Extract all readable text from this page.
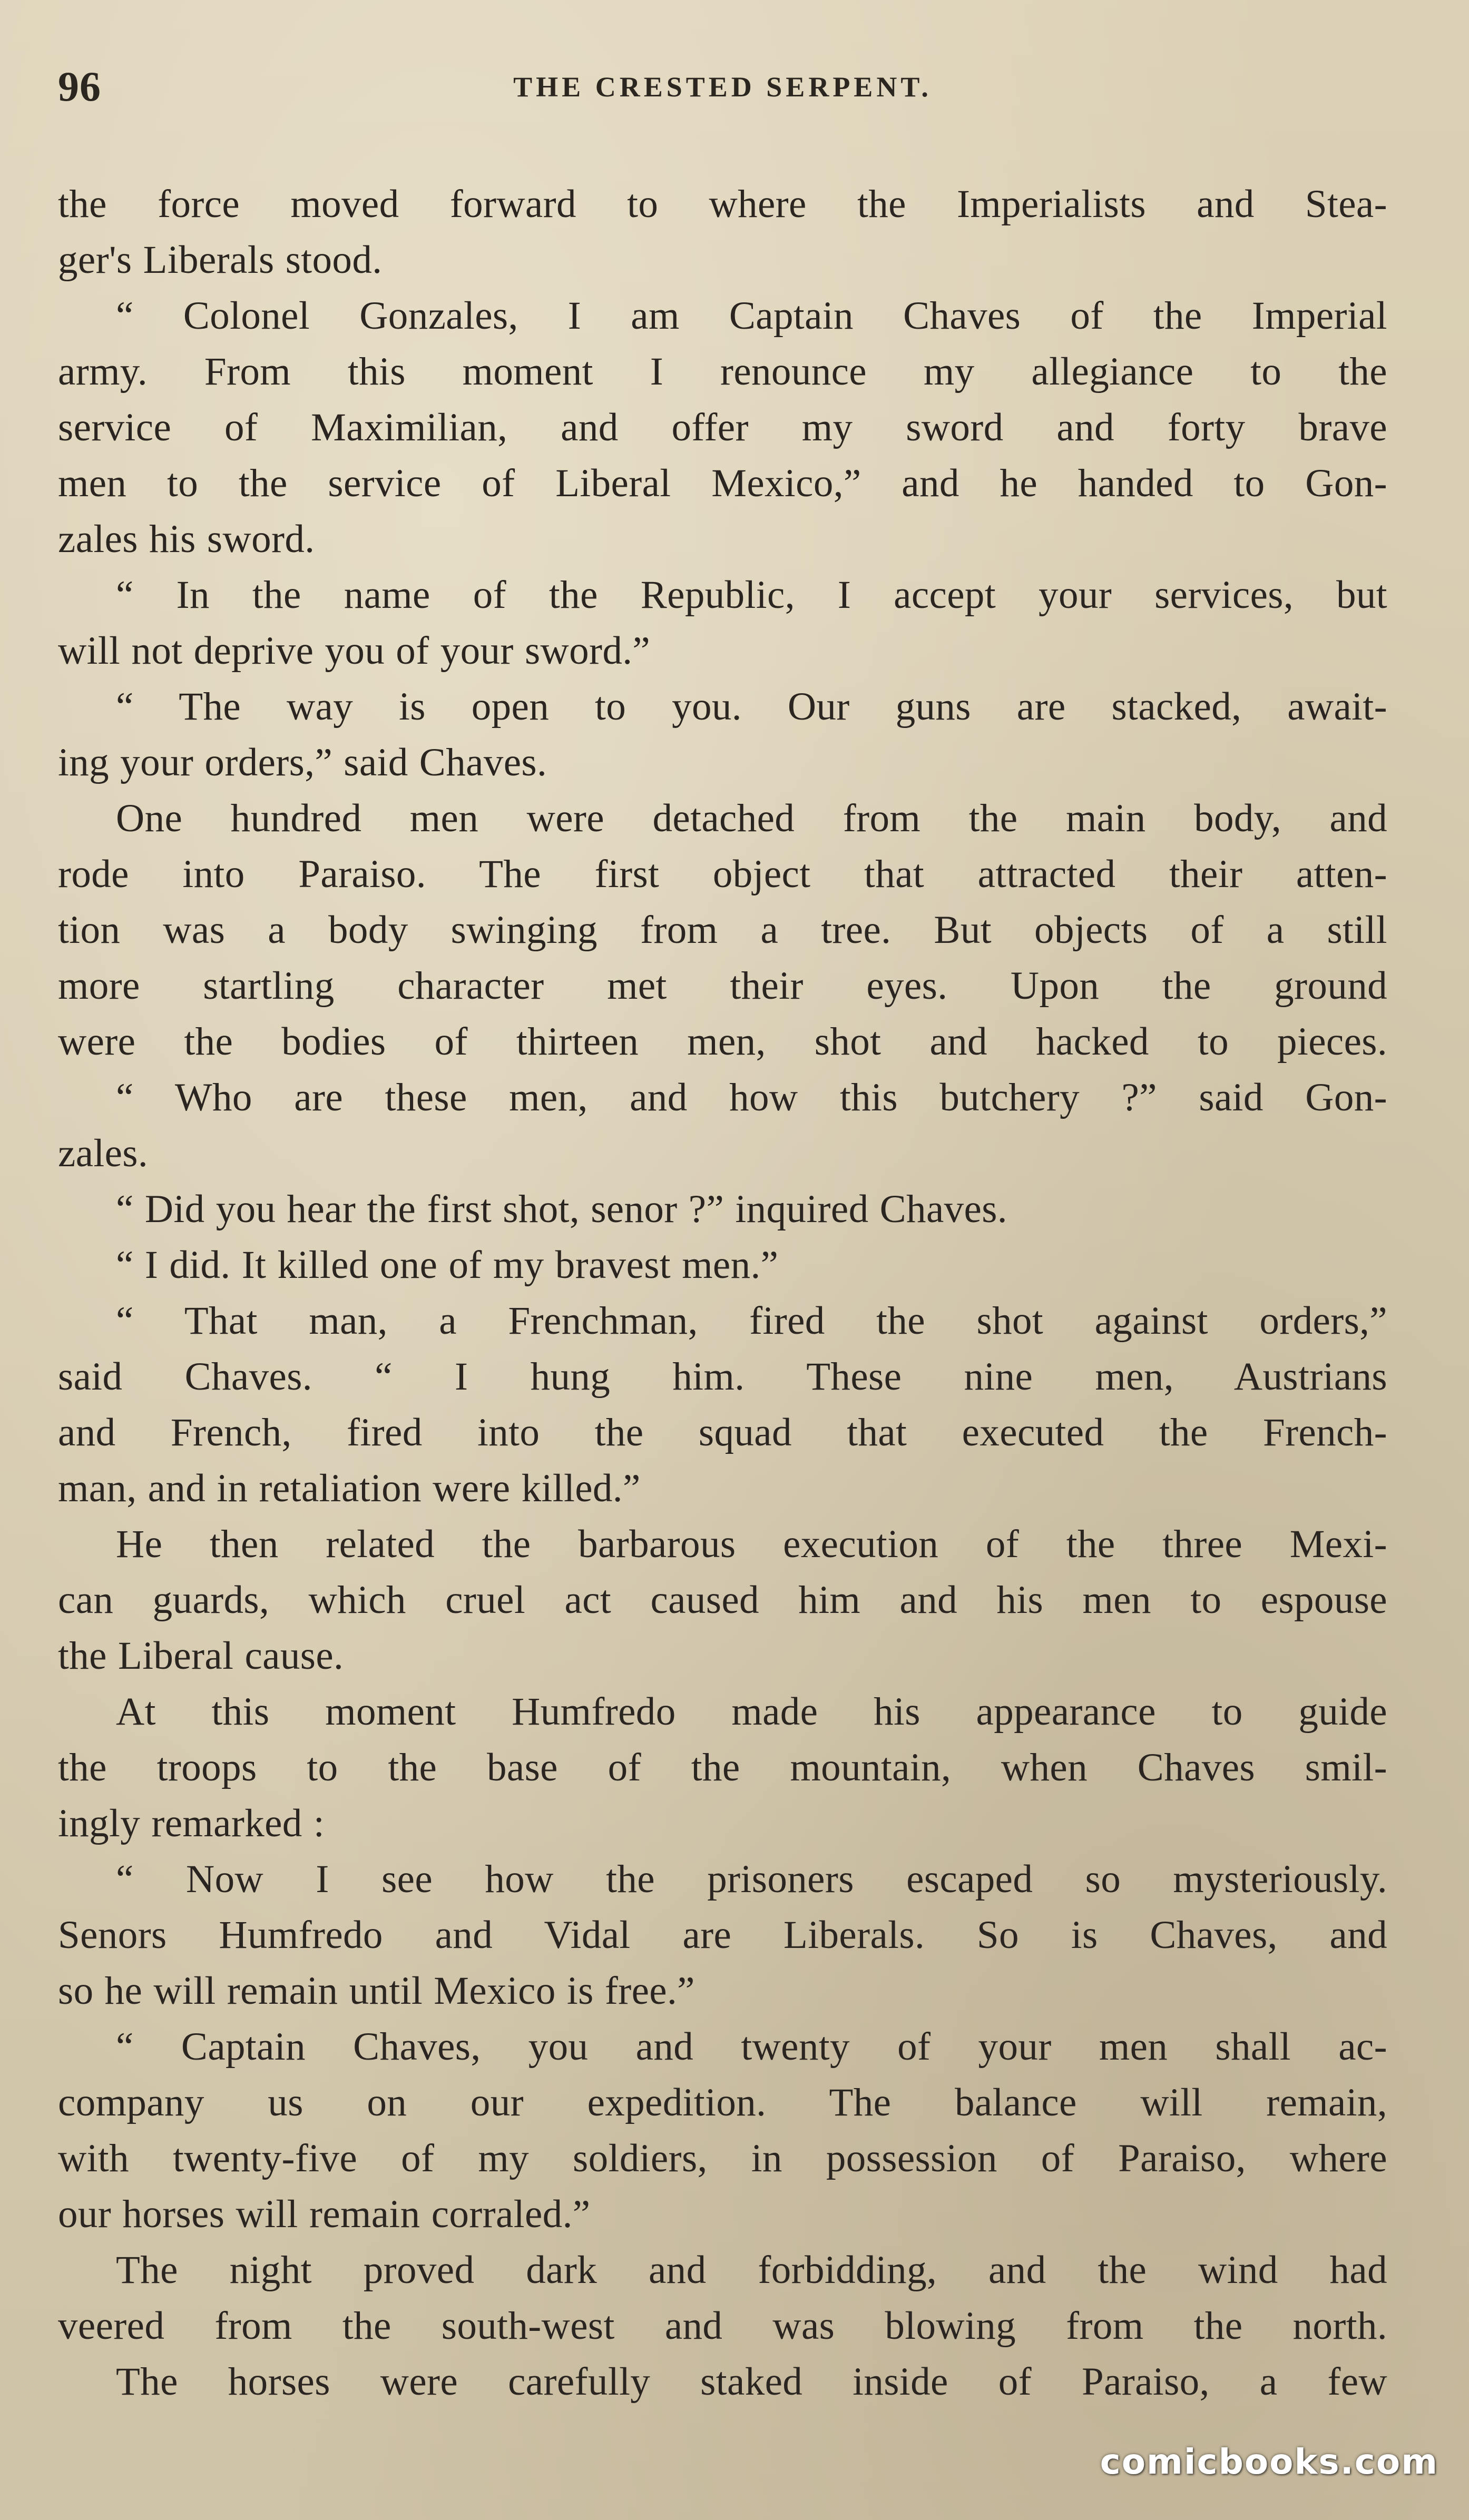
96	THE CRESTED SERPENT.
the force moved forward to where the Imperialists and Stea-
ger's Liberals stood.
“ Colonel Gonzales, I am Captain Chaves of the Imperial
army. From this moment I renounce my allegiance to the
service of Maximilian, and offer my sword and forty brave
men to the service of Liberal Mexico,” and he handed to Gon-
zales his sword.
“ In the name of the Republic, I accept your services, but
will not deprive you of your sword.”
“ The way is open to you. Our guns are stacked, await-
ing your orders,” said Chaves.
One hundred men were detached from the main body, and
rode into Paraiso. The first object that attracted their atten-
tion was a body swinging from a tree. But objects of a still
more startling character met their eyes. Upon the ground
were the bodies of thirteen men, shot and hacked to pieces.
“ Who are these men, and how this butchery ?” said Gon-
zales.
“ Did you hear the first shot, senor ?” inquired Chaves.
“ I did. It killed one of my bravest men.”
“ That man, a Frenchman, fired the shot against orders,”
said Chaves. “ I hung him. These nine men, Austrians
and French, fired into the squad that executed the French-
man, and in retaliation were killed.”
He then related the barbarous execution of the three Mexi-
can guards, which cruel act caused him and his men to espouse
the Liberal cause.
At this moment Humfredo made his appearance to guide
the troops to the base of the mountain, when Chaves smil-
ingly remarked :
“ Now I see how the prisoners escaped so mysteriously.
Senors Humfredo and Vidal are Liberals. So is Chaves, and
so he will remain until Mexico is free.”
“ Captain Chaves, you and twenty of your men shall ac-
company us on our expedition. The balance will remain,
with twenty-five of my soldiers, in possession of Paraiso, where
our horses will remain corraled.”
The night proved dark and forbidding, and the wind had
veered from the south-west and was blowing from the north.
The horses were carefully staked inside of Paraiso, a few
comicbooks.com
